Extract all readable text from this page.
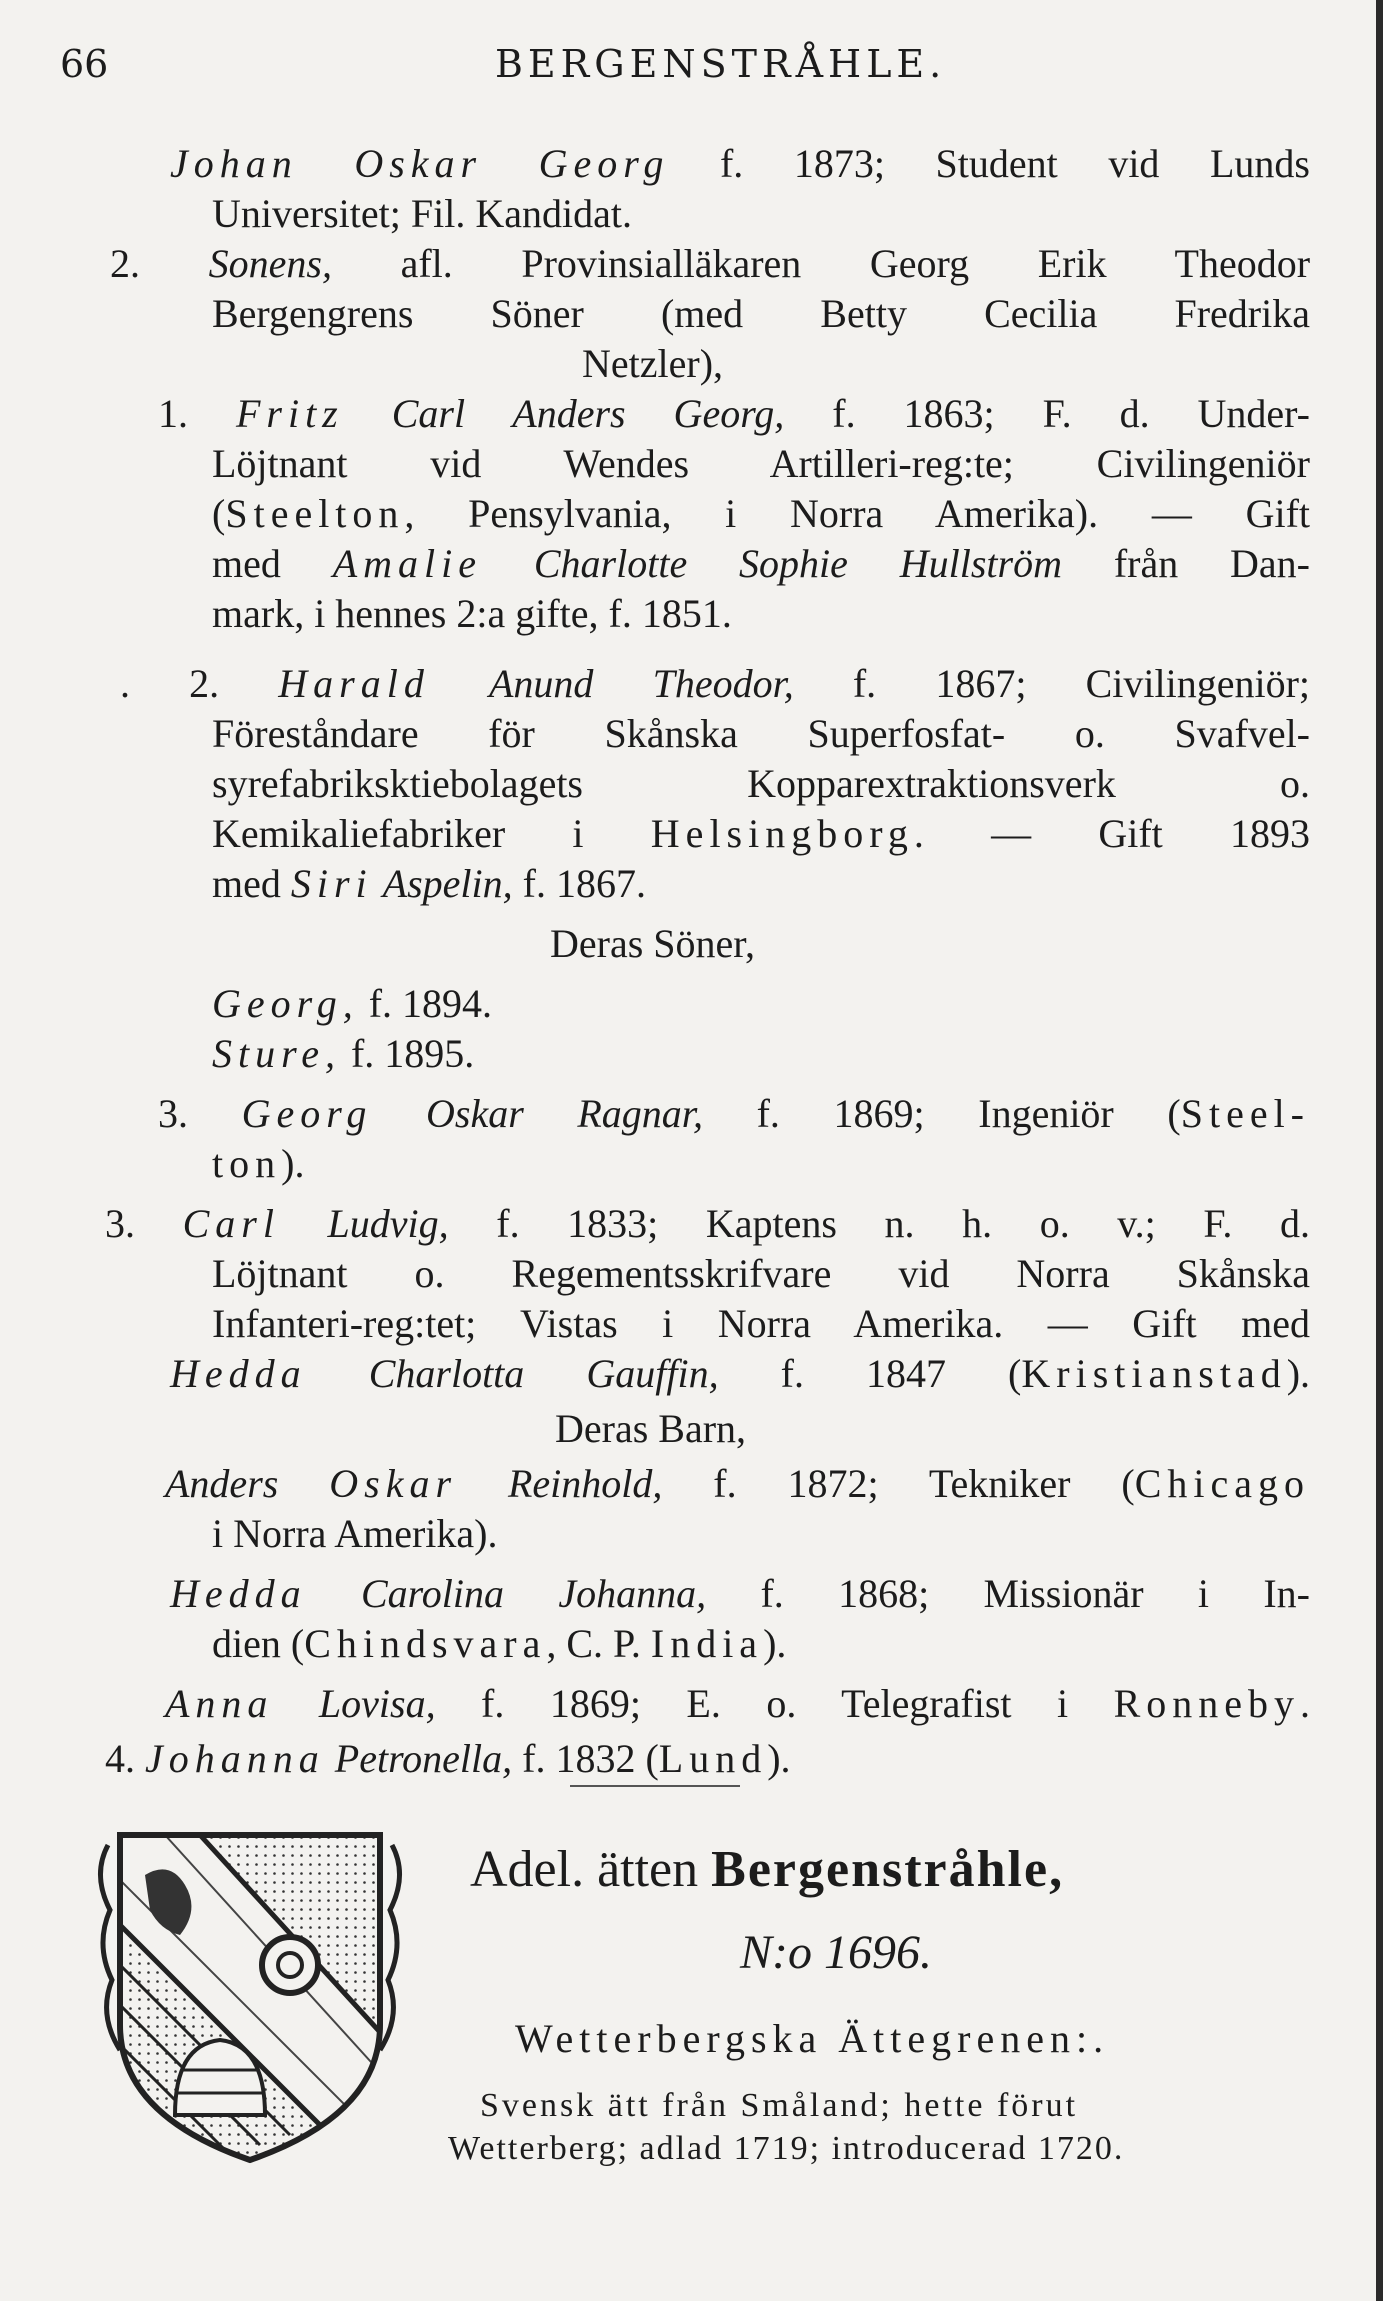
66	BERGENSTRÅHLE.
Johan Oskar Georg f. 1873; Student vid Lunds
Universitet; Fil. Kandidat.
2. Sonens, afl. Provinsialläkaren Georg Erik Theodor
Bergengrens Söner (med Betty Cecilia Fredrika
Netzler),
1. Fritz Carl Anders Georg, f. 1863; F. d. Under-
Löjtnant vid Wendes Artilleri-reg:te; Civilingeniör
(Steelton, Pensylvania, i Norra Amerika). — Gift
med Amalie Charlotte Sophie Hullström från Dan-
mark, i hennes 2:a gifte, f. 1851.
. 2. Harald Anund Theodor, f. 1867; Civilingeniör;
Föreståndare för Skånska Superfosfat- o. Svafvel-
syrefabriksktiebolagets Kopparextraktionsverk o.
Kemikaliefabriker i Helsingborg. — Gift 1893
med Siri Aspelin, f. 1867.
Deras Söner,
Georg, f. 1894.
Sture, f. 1895.
3. Georg Oskar Ragnar, f. 1869; Ingeniör (Steel-
ton).
3. Carl Ludvig, f. 1833; Kaptens n. h. o. v.; F. d.
Löjtnant o. Regementsskrifvare vid Norra Skånska
Infanteri-reg:tet; Vistas i Norra Amerika. — Gift med
Hedda Charlotta Gauffin, f. 1847 (Kristianstad).
Deras Barn,
Anders Oskar Reinhold, f. 1872; Tekniker (Chicago
i Norra Amerika).
Hedda Carolina Johanna, f. 1868; Missionär i In-
dien (Chindsvara, C. P. India).
Anna Lovisa, f. 1869; E. o. Telegrafist i Ronneby.
4. Johanna Petronella, f. 1832 (Lund).
Adel. ätten Bergenstråhle,
N:o 1696.
Wetterbergska Ättegrenen:.
Svensk ätt från Småland; hette förut
Wetterberg; adlad 1719; introducerad 1720.
